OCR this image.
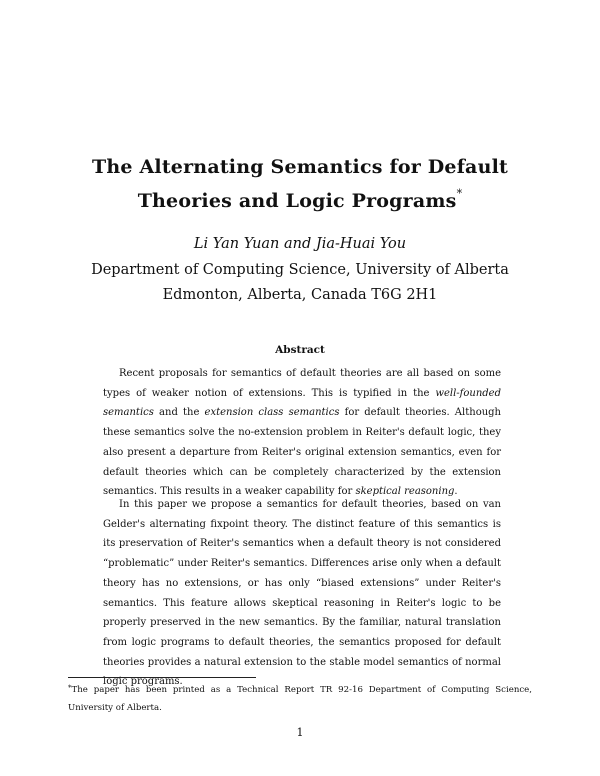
The Alternating Semantics for Default
Theories and Logic Programs*
Li Yan Yuan and Jia-Huai You
Department of Computing Science, University of Alberta
Edmonton, Alberta, Canada T6G 2H1
Abstract

Recent proposals for semantics of default theories are all based on some types of weaker notion of extensions. This is typified in the well-founded semantics and the extension class semantics for default theories. Although these semantics solve the no-extension problem in Reiter's default logic, they also present a departure from Reiter's original extension semantics, even for default theories which can be completely characterized by the extension semantics. This results in a weaker capability for skeptical reasoning.

In this paper we propose a semantics for default theories, based on van Gelder's alternating fixpoint theory. The distinct feature of this semantics is its preservation of Reiter's semantics when a default theory is not considered “problematic” under Reiter's semantics. Differences arise only when a default theory has no extensions, or has only “biased extensions” under Reiter's semantics. This feature allows skeptical reasoning in Reiter's logic to be properly preserved in the new semantics. By the familiar, natural translation from logic programs to default theories, the semantics proposed for default theories provides a natural extension to the stable model semantics of normal logic programs.

*The paper has been printed as a Technical Report TR 92-16 Department of Computing Science, University of Alberta.

1
